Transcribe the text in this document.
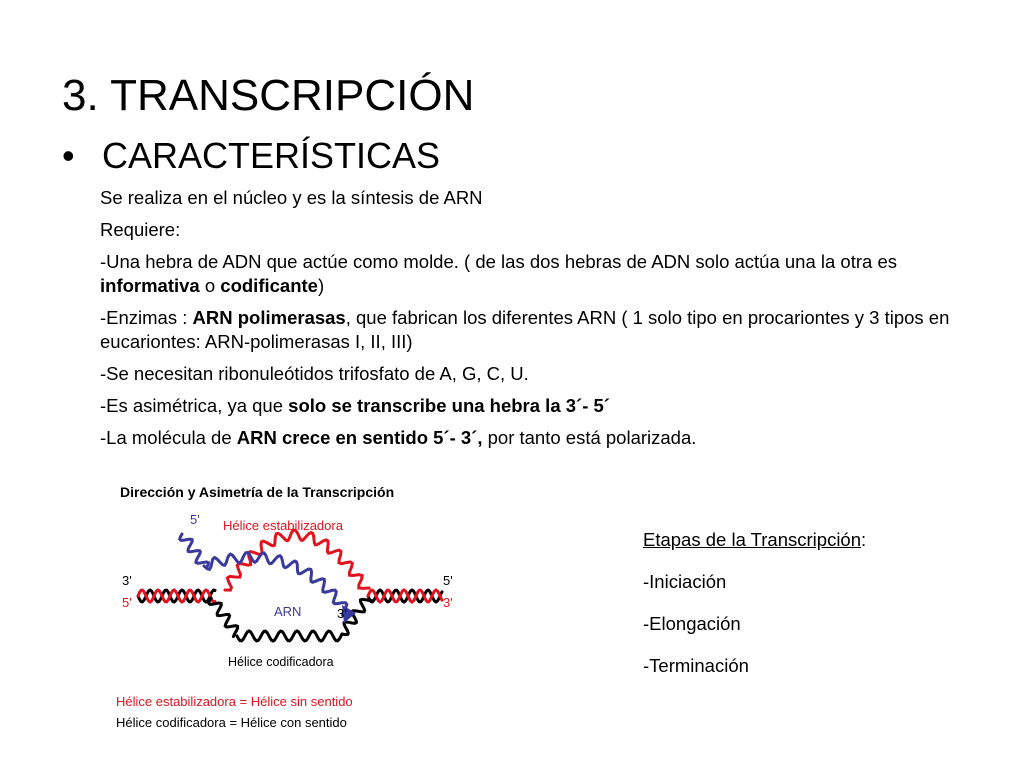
3. TRANSCRIPCIÓN
• CARACTERÍSTICAS

Se realiza en el núcleo y es la síntesis de ARN

Requiere:

-Una hebra de ADN que actúe como molde. ( de las dos hebras de ADN solo actúa una la otra es informativa o codificante)

-Enzimas : ARN polimerasas, que fabrican los diferentes ARN ( 1 solo tipo en procariontes y 3 tipos en eucariontes: ARN-polimerasas I, II, III)

-Se necesitan ribonuleótidos trifosfato de A, G, C, U.

-Es asimétrica, ya que solo se transcribe una hebra la 3´- 5´

-La molécula de ARN crece en sentido 5´- 3´, por tanto está polarizada.

Dirección y Asimetría de la Transcripción
5' Hélice estabilizadora
3'
5'
5'
3'
ARN	3'
Hélice codificadora
Hélice estabilizadora = Hélice sin sentido
Hélice codificadora = Hélice con sentido

Etapas de la Transcripción:

-Iniciación

-Elongación

-Terminación
